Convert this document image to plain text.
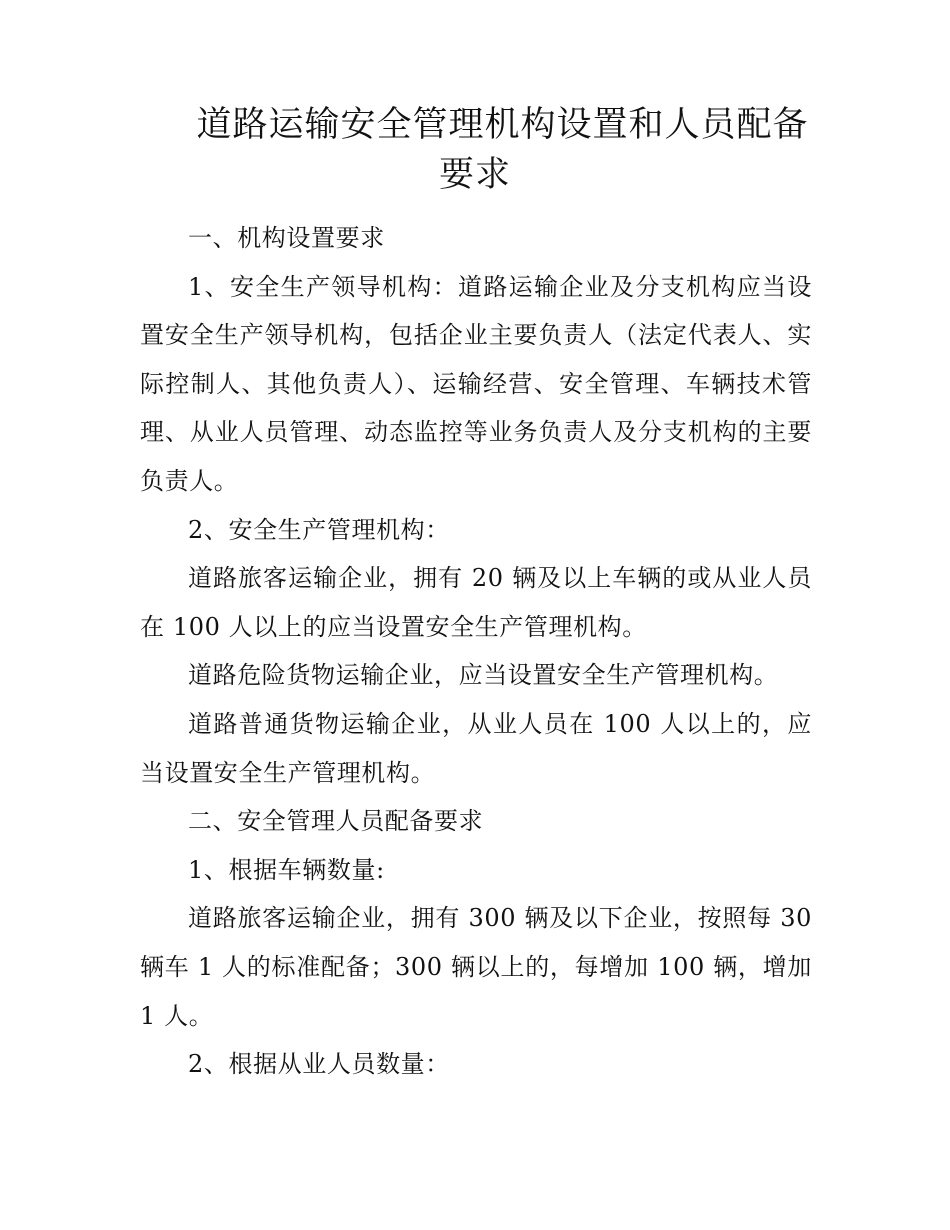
道路运输安全管理机构设置和人员配备要求

一、机构设置要求

1、安全生产领导机构：道路运输企业及分支机构应当设置安全生产领导机构，包括企业主要负责人（法定代表人、实际控制人、其他负责人）、运输经营、安全管理、车辆技术管理、从业人员管理、动态监控等业务负责人及分支机构的主要负责人。

2、安全生产管理机构：

道路旅客运输企业，拥有 20 辆及以上车辆的或从业人员在 100 人以上的应当设置安全生产管理机构。

道路危险货物运输企业，应当设置安全生产管理机构。

道路普通货物运输企业，从业人员在 100 人以上的，应当设置安全生产管理机构。

二、安全管理人员配备要求

1、根据车辆数量:

道路旅客运输企业，拥有 300 辆及以下企业，按照每 30 辆车 1 人的标准配备；300 辆以上的，每增加 100 辆，增加 1 人。

2、根据从业人员数量：
